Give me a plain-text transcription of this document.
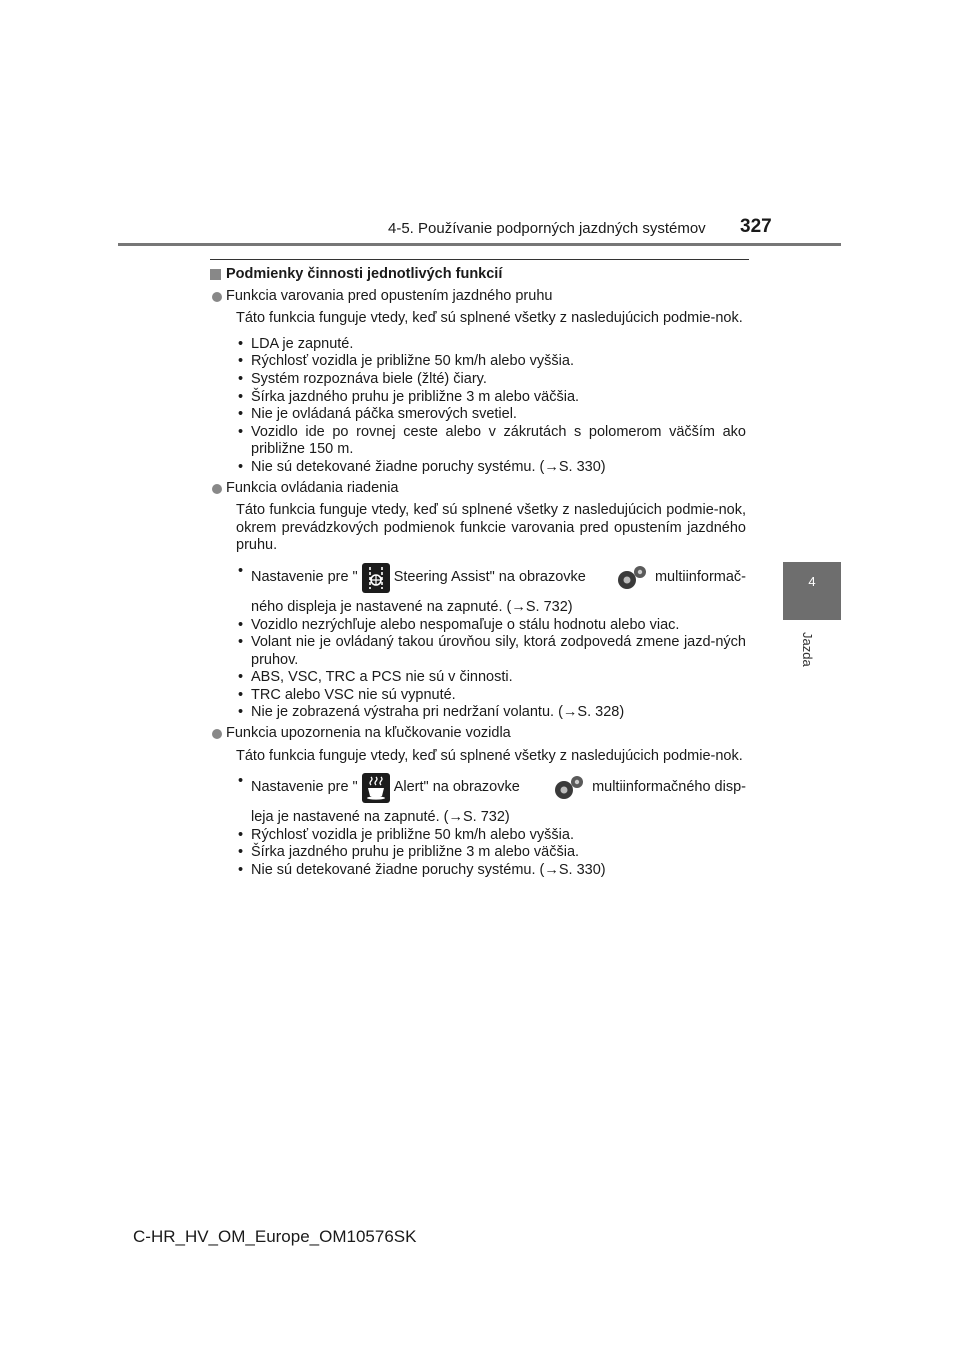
4-5. Používanie podporných jazdných systémov 327
4
Jazda
Podmienky činnosti jednotlivých funkcií
Funkcia varovania pred opustením jazdného pruhu
Táto funkcia funguje vtedy, keď sú splnené všetky z nasledujúcich podmie-nok.
• LDA je zapnuté.
• Rýchlosť vozidla je približne 50 km/h alebo vyššia.
• Systém rozpoznáva biele (žlté) čiary.
• Šírka jazdného pruhu je približne 3 m alebo väčšia.
• Nie je ovládaná páčka smerových svetiel.
• Vozidlo ide po rovnej ceste alebo v zákrutách s polomerom väčším ako približne 150 m.
• Nie sú detekované žiadne poruchy systému. (→S. 330)
Funkcia ovládania riadenia
Táto funkcia funguje vtedy, keď sú splnené všetky z nasledujúcich podmie-nok, okrem prevádzkových podmienok funkcie varovania pred opustením jazdného pruhu.
• Nastavenie pre " Steering Assist" na obrazovke	multiinformač-
ného displeja je nastavené na zapnuté. (→S. 732)
• Vozidlo nezrýchľuje alebo nespomaľuje o stálu hodnotu alebo viac.
• Volant nie je ovládaný takou úrovňou sily, ktorá zodpovedá zmene jazd-ných pruhov.
• ABS, VSC, TRC a PCS nie sú v činnosti.
• TRC alebo VSC nie sú vypnuté.
• Nie je zobrazená výstraha pri nedržaní volantu. (→S. 328)
Funkcia upozornenia na kľučkovanie vozidla
Táto funkcia funguje vtedy, keď sú splnené všetky z nasledujúcich podmie-nok.
• Nastavenie pre " Alert" na obrazovke	multiinformačného disp-
leja je nastavené na zapnuté. (→S. 732)
• Rýchlosť vozidla je približne 50 km/h alebo vyššia.
• Šírka jazdného pruhu je približne 3 m alebo väčšia.
• Nie sú detekované žiadne poruchy systému. (→S. 330)
C-HR_HV_OM_Europe_OM10576SK
